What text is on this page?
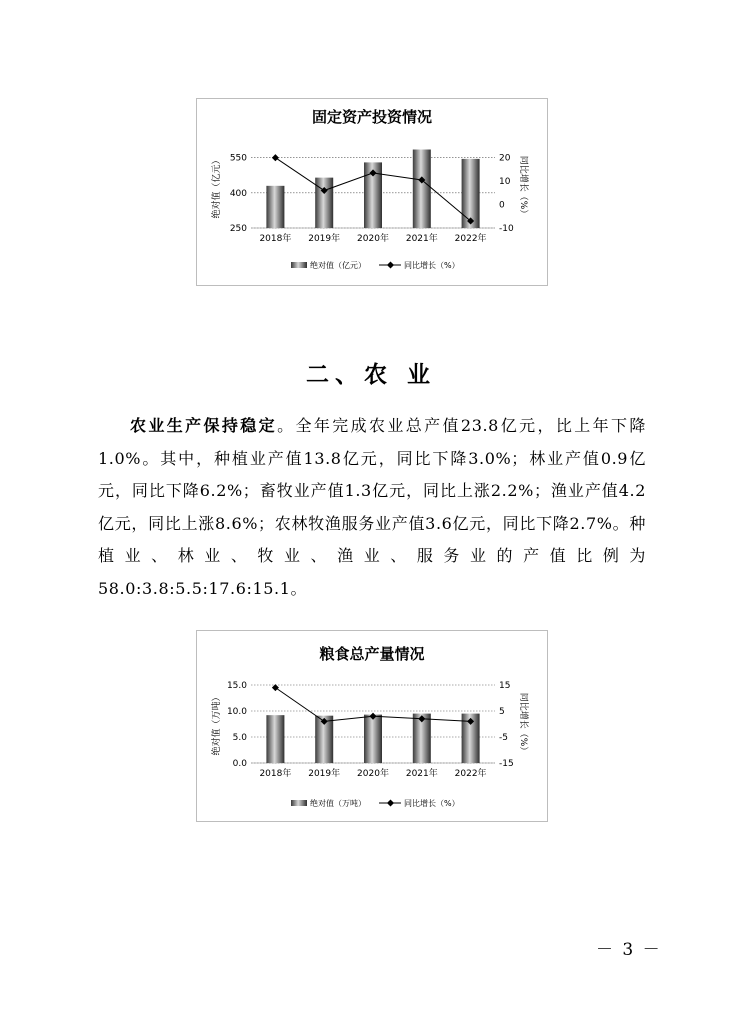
固定资产投资情况
550
400
250
20
10
0
-10
2018年 2019年 2020年 2021年 2022年
绝对值（亿元）	同比增长（%）
绝对值（亿元）	同比增长（%）
二、农 业

农业生产保持稳定。全年完成农业总产值23.8亿元，比上年下降1.0%。其中，种植业产值13.8亿元，同比下降3.0%；林业产值0.9亿元，同比下降6.2%；畜牧业产值1.3亿元，同比上涨2.2%；渔业产值4.2亿元，同比上涨8.6%；农林牧渔服务业产值3.6亿元，同比下降2.7%。种植业、林业、牧业、渔业、服务业的产值比例为58.0:3.8:5.5:17.6:15.1。

粮食总产量情况
15.0
10.0
5.0
0.0
15
5
-5
-15
2018年 2019年 2020年 2021年 2022年
绝对值（万吨）	同比增长（%）
绝对值（万吨）	同比增长（%）
－ 3 －
